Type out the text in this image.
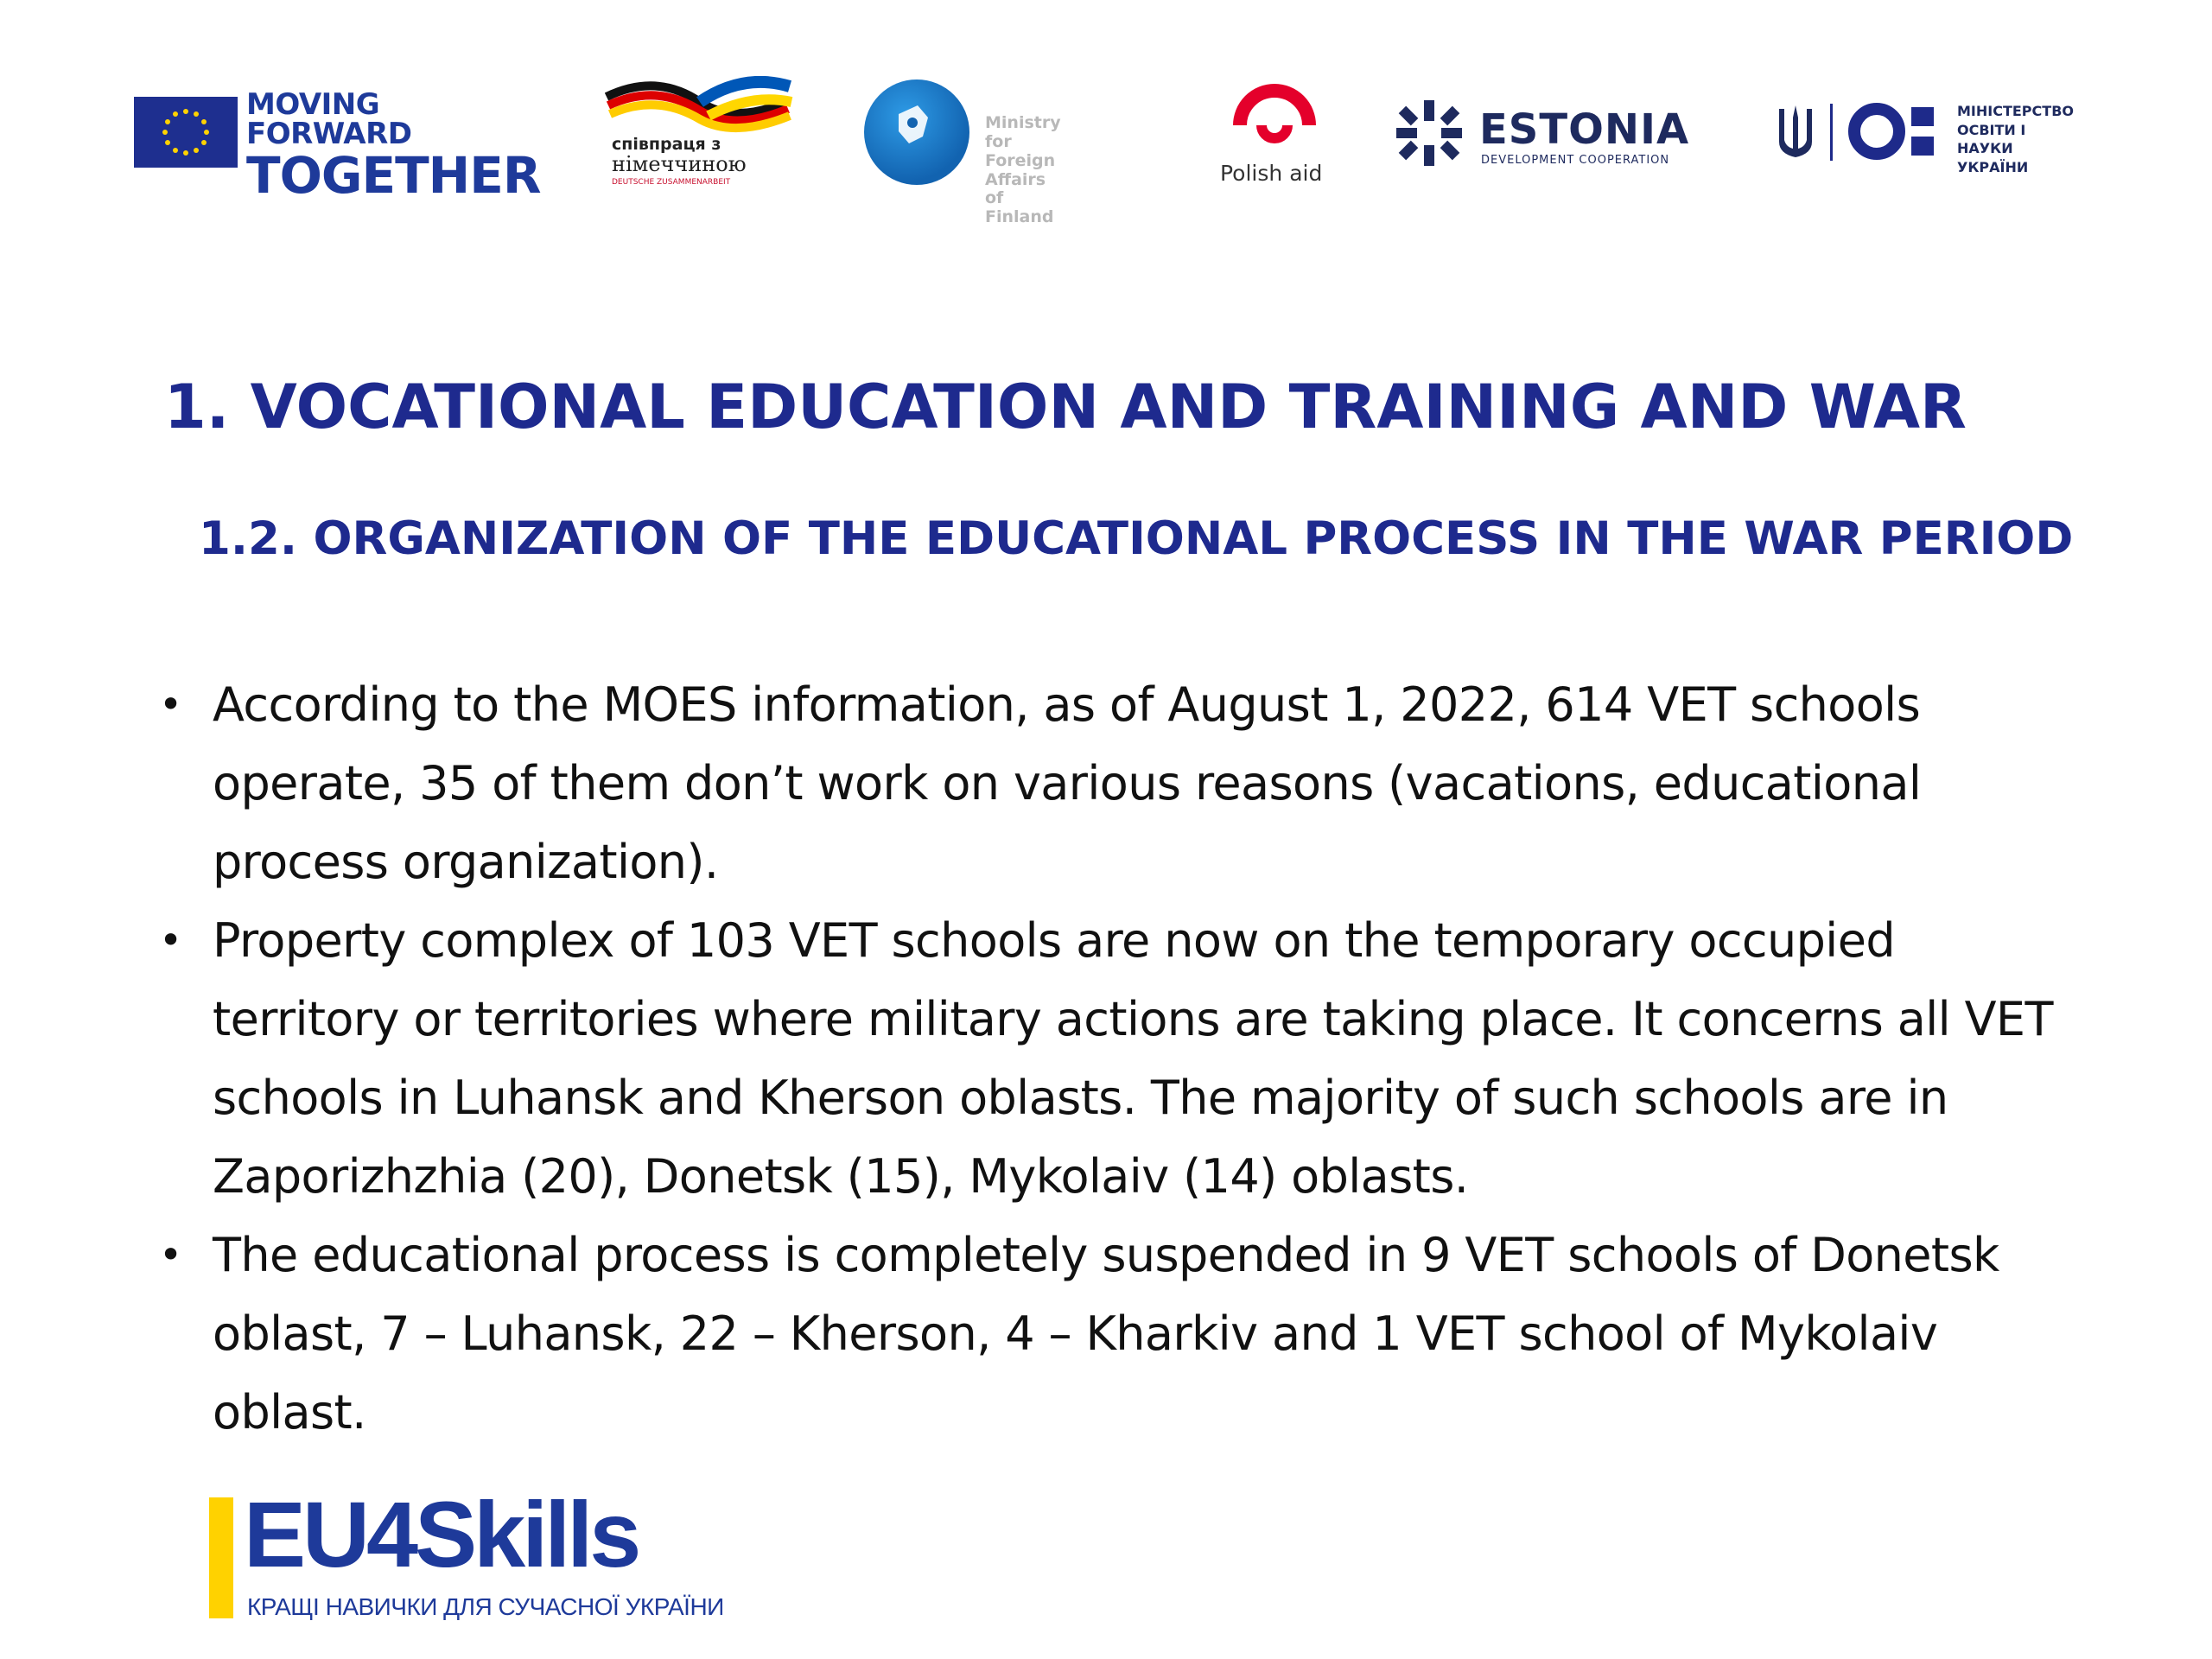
MOVING FORWARD
TOGETHER
співпраця з
німеччиною
DEUTSCHE ZUSAMMENARBEIT
Ministry for Foreign
Affairs of Finland
Polish aid
ESTONIA
DEVELOPMENT COOPERATION
МІНІСТЕРСТВО
ОСВІТИ І НАУКИ
УКРАЇНИ
1. VOCATIONAL EDUCATION AND TRAINING AND WAR
1.2. ORGANIZATION OF THE EDUCATIONAL PROCESS IN THE WAR PERIOD
• According to the MOES information, as of August 1, 2022, 614 VET schools operate, 35 of them don’t work on various reasons (vacations, educational process organization).
• Property complex of 103 VET schools are now on the temporary occupied territory or territories where military actions are taking place. It concerns all VET schools in Luhansk and Kherson oblasts. The majority of such schools are in Zaporizhzhia (20), Donetsk (15), Mykolaiv (14) oblasts.
• The educational process is completely suspended in 9 VET schools of Donetsk oblast, 7 – Luhansk, 22 – Kherson, 4 – Kharkiv and 1 VET school of Mykolaiv oblast.
EU4Skills
КРАЩІ НАВИЧКИ ДЛЯ СУЧАСНОЇ УКРАЇНИ
